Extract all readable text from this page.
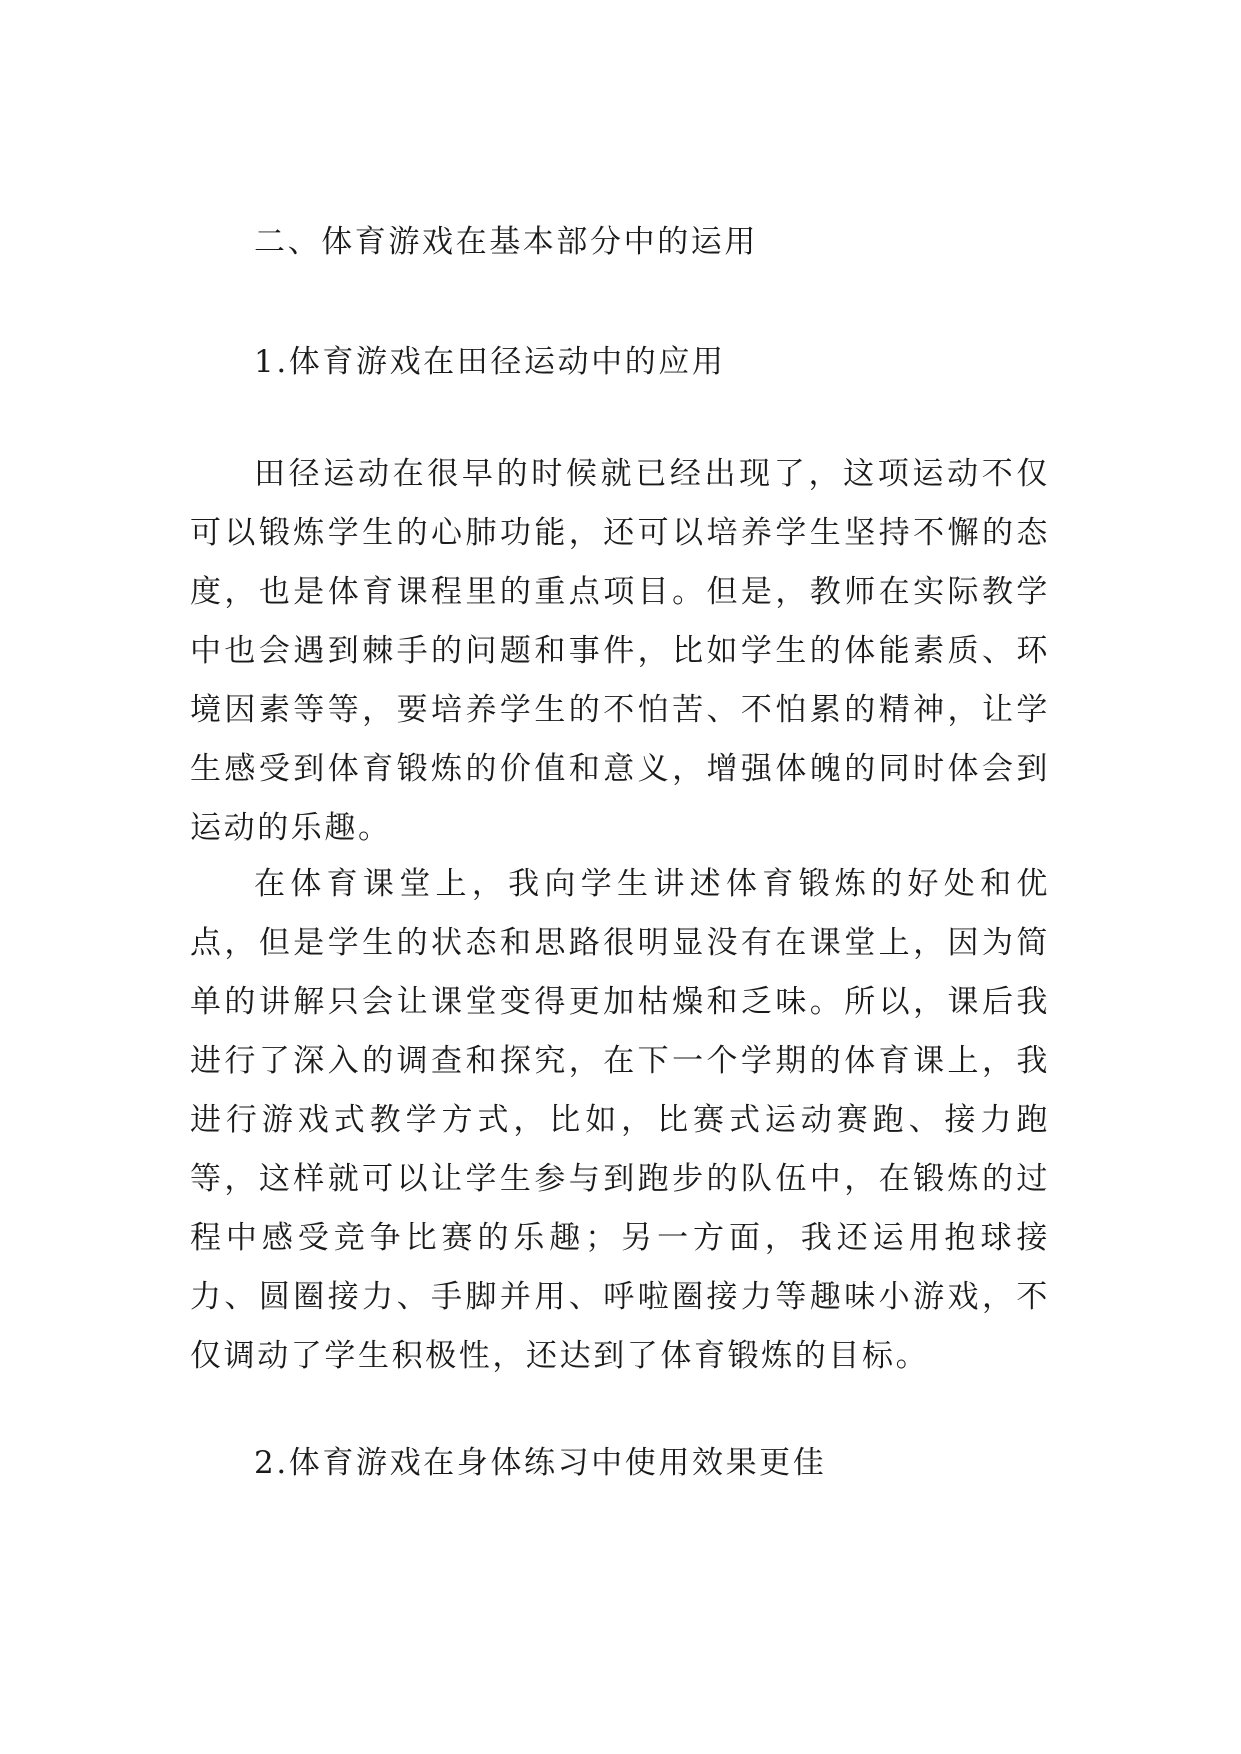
二、体育游戏在基本部分中的运用
1.体育游戏在田径运动中的应用

田径运动在很早的时候就已经出现了，这项运动不仅可以锻炼学生的心肺功能，还可以培养学生坚持不懈的态度，也是体育课程里的重点项目。但是，教师在实际教学中也会遇到棘手的问题和事件，比如学生的体能素质、环境因素等等，要培养学生的不怕苦、不怕累的精神，让学生感受到体育锻炼的价值和意义，增强体魄的同时体会到运动的乐趣。

在体育课堂上，我向学生讲述体育锻炼的好处和优点，但是学生的状态和思路很明显没有在课堂上，因为简单的讲解只会让课堂变得更加枯燥和乏味。所以，课后我进行了深入的调查和探究，在下一个学期的体育课上，我进行游戏式教学方式，比如，比赛式运动赛跑、接力跑等，这样就可以让学生参与到跑步的队伍中，在锻炼的过程中感受竞争比赛的乐趣；另一方面，我还运用抱球接力、圆圈接力、手脚并用、呼啦圈接力等趣味小游戏，不仅调动了学生积极性，还达到了体育锻炼的目标。

2.体育游戏在身体练习中使用效果更佳
